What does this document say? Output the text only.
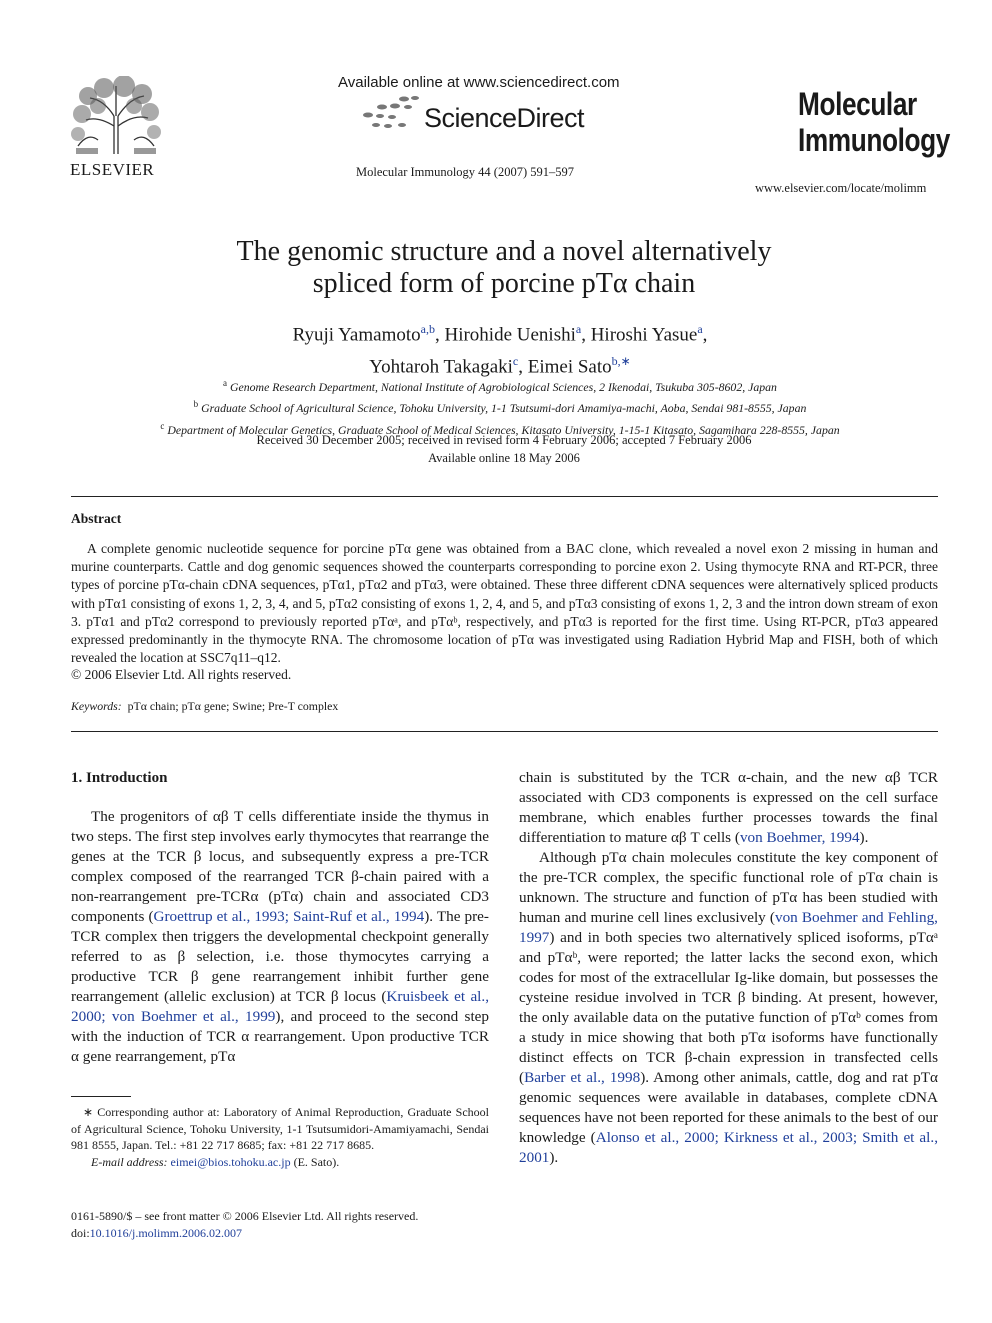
ELSEVIER
Available online at www.sciencedirect.com
ScienceDirect
Molecular Immunology 44 (2007) 591–597
Molecular
Immunology
www.elsevier.com/locate/molimm
The genomic structure and a novel alternatively
spliced form of porcine pTα chain
Ryuji Yamamoto$^{a,b}$, Hirohide Uenishi$^a$, Hiroshi Yasue$^a$,
Yohtaroh Takagaki$^c$, Eimei Sato$^{b,∗}$
$^a$ Genome Research Department, National Institute of Agrobiological Sciences, 2 Ikenodai, Tsukuba 305-8602, Japan
$^b$ Graduate School of Agricultural Science, Tohoku University, 1-1 Tsutsumi-dori Amamiya-machi, Aoba, Sendai 981-8555, Japan
$^c$ Department of Molecular Genetics, Graduate School of Medical Sciences, Kitasato University, 1-15-1 Kitasato, Sagamihara 228-8555, Japan
Received 30 December 2005; received in revised form 4 February 2006; accepted 7 February 2006
Available online 18 May 2006
Abstract

A complete genomic nucleotide sequence for porcine pTα gene was obtained from a BAC clone, which revealed a novel exon 2 missing in human and murine counterparts. Cattle and dog genomic sequences showed the counterparts corresponding to porcine exon 2. Using thymocyte RNA and RT-PCR, three types of porcine pTα-chain cDNA sequences, pTα1, pTα2 and pTα3, were obtained. These three different cDNA sequences were alternatively spliced products with pTα1 consisting of exons 1, 2, 3, 4, and 5, pTα2 consisting of exons 1, 2, 4, and 5, and pTα3 consisting of exons 1, 2, 3 and the intron down stream of exon 3. pTα1 and pTα2 correspond to previously reported pTαᵃ, and pTαᵇ, respectively, and pTα3 is reported for the first time. Using RT-PCR, pTα3 appeared expressed predominantly in the thymocyte RNA. The chromosome location of pTα was investigated using Radiation Hybrid Map and FISH, both of which revealed the location at SSC7q11–q12.

© 2006 Elsevier Ltd. All rights reserved.
Keywords: pTα chain; pTα gene; Swine; Pre-T complex
1. Introduction

The progenitors of αβ T cells differentiate inside the thymus in two steps. The first step involves early thymocytes that rearrange the genes at the TCR β locus, and subsequently express a pre-TCR complex composed of the rearranged TCR β-chain paired with a non-rearrangement pre-TCRα (pTα) chain and associated CD3 components (Groettrup et al., 1993; Saint-Ruf et al., 1994). The pre-TCR complex then triggers the developmental checkpoint generally referred to as β selection, i.e. those thymocytes carrying a productive TCR β gene rearrangement inhibit further gene rearrangement (allelic exclusion) at TCR β locus (Kruisbeek et al., 2000; von Boehmer et al., 1999), and proceed to the second step with the induction of TCR α rearrangement. Upon productive TCR α gene rearrangement, pTα

chain is substituted by the TCR α-chain, and the new αβ TCR associated with CD3 components is expressed on the cell surface membrane, which enables further processes towards the final differentiation to mature αβ T cells (von Boehmer, 1994).

Although pTα chain molecules constitute the key component of the pre-TCR complex, the specific functional role of pTα chain is unknown. The structure and function of pTα has been studied with human and murine cell lines exclusively (von Boehmer and Fehling, 1997) and in both species two alternatively spliced isoforms, pTαᵃ and pTαᵇ, were reported; the latter lacks the second exon, which codes for most of the extracellular Ig-like domain, but possesses the cysteine residue involved in TCR β binding. At present, however, the only available data on the putative function of pTαᵇ comes from a study in mice showing that both pTα isoforms have functionally distinct effects on TCR β-chain expression in transfected cells (Barber et al., 1998). Among other animals, cattle, dog and rat pTα genomic sequences were available in databases, complete cDNA sequences have not been reported for these animals to the best of our knowledge (Alonso et al., 2000; Kirkness et al., 2003; Smith et al., 2001).

∗ Corresponding author at: Laboratory of Animal Reproduction, Graduate School of Agricultural Science, Tohoku University, 1-1 Tsutsumidori-Amamiyamachi, Sendai 981 8555, Japan. Tel.: +81 22 717 8685; fax: +81 22 717 8685.

E-mail address: eimei@bios.tohoku.ac.jp (E. Sato).

0161-5890/$ – see front matter © 2006 Elsevier Ltd. All rights reserved.
doi:10.1016/j.molimm.2006.02.007
